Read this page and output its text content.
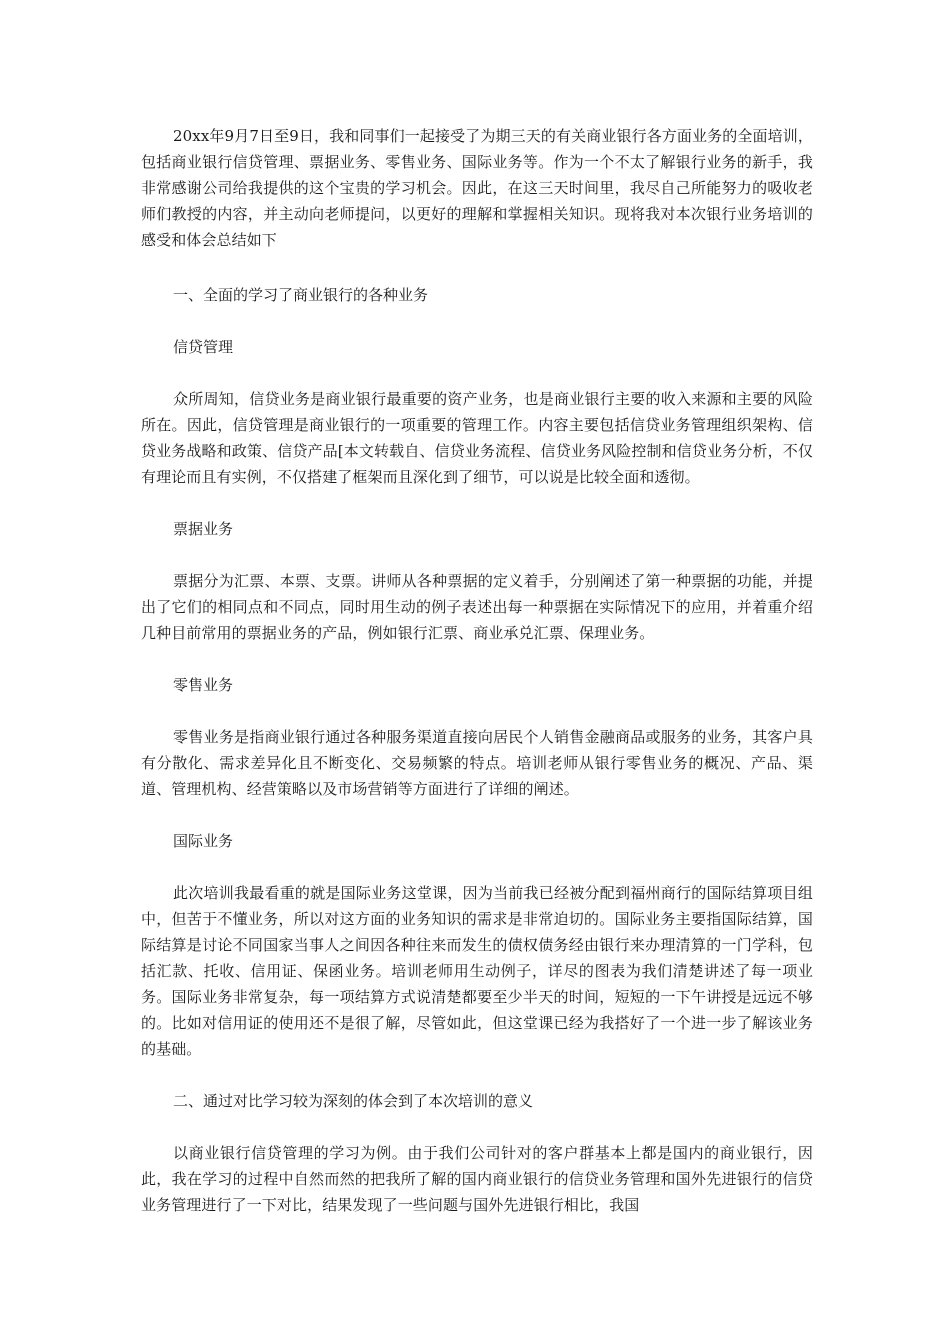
20xx年9月7日至9日，我和同事们一起接受了为期三天的有关商业银行各方面业务的全面培训，包括商业银行信贷管理、票据业务、零售业务、国际业务等。作为一个不太了解银行业务的新手，我非常感谢公司给我提供的这个宝贵的学习机会。因此，在这三天时间里，我尽自己所能努力的吸收老师们教授的内容，并主动向老师提问，以更好的理解和掌握相关知识。现将我对本次银行业务培训的感受和体会总结如下

一、全面的学习了商业银行的各种业务

信贷管理

众所周知，信贷业务是商业银行最重要的资产业务，也是商业银行主要的收入来源和主要的风险所在。因此，信贷管理是商业银行的一项重要的管理工作。内容主要包括信贷业务管理组织架构、信贷业务战略和政策、信贷产品[本文转载自、信贷业务流程、信贷业务风险控制和信贷业务分析，不仅有理论而且有实例，不仅搭建了框架而且深化到了细节，可以说是比较全面和透彻。

票据业务

票据分为汇票、本票、支票。讲师从各种票据的定义着手，分别阐述了第一种票据的功能，并提出了它们的相同点和不同点，同时用生动的例子表述出每一种票据在实际情况下的应用，并着重介绍几种目前常用的票据业务的产品，例如银行汇票、商业承兑汇票、保理业务。

零售业务

零售业务是指商业银行通过各种服务渠道直接向居民个人销售金融商品或服务的业务，其客户具有分散化、需求差异化且不断变化、交易频繁的特点。培训老师从银行零售业务的概况、产品、渠道、管理机构、经营策略以及市场营销等方面进行了详细的阐述。

国际业务

此次培训我最看重的就是国际业务这堂课，因为当前我已经被分配到福州商行的国际结算项目组中，但苦于不懂业务，所以对这方面的业务知识的需求是非常迫切的。国际业务主要指国际结算，国际结算是讨论不同国家当事人之间因各种往来而发生的债权债务经由银行来办理清算的一门学科，包括汇款、托收、信用证、保函业务。培训老师用生动例子，详尽的图表为我们清楚讲述了每一项业务。国际业务非常复杂，每一项结算方式说清楚都要至少半天的时间，短短的一下午讲授是远远不够的。比如对信用证的使用还不是很了解，尽管如此，但这堂课已经为我搭好了一个进一步了解该业务的基础。

二、通过对比学习较为深刻的体会到了本次培训的意义

以商业银行信贷管理的学习为例。由于我们公司针对的客户群基本上都是国内的商业银行，因此，我在学习的过程中自然而然的把我所了解的国内商业银行的信贷业务管理和国外先进银行的信贷业务管理进行了一下对比，结果发现了一些问题与国外先进银行相比，我国
